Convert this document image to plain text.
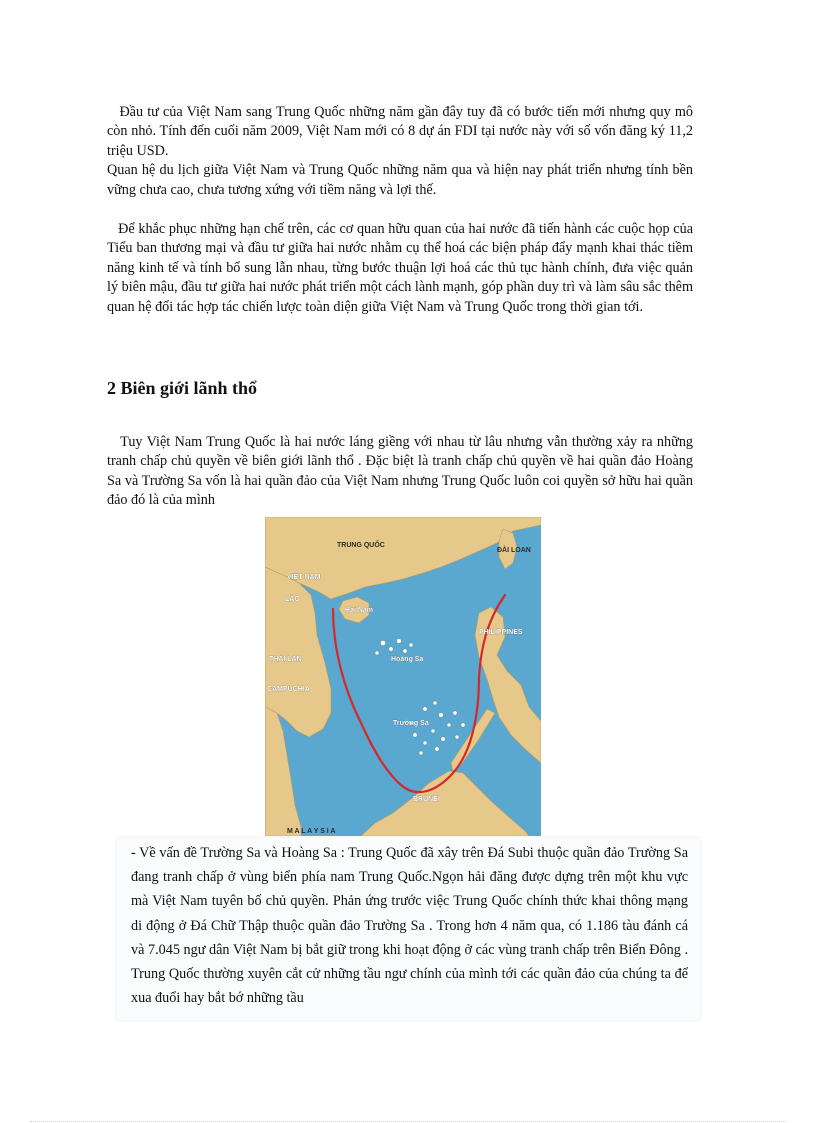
Đầu tư của Việt Nam sang Trung Quốc những năm gần đây tuy đã có bước tiến mới nhưng quy mô còn nhỏ. Tính đến cuối năm 2009, Việt Nam mới có 8 dự án FDI tại nước này với số vốn đăng ký 11,2 triệu USD.

Quan hệ du lịch giữa Việt Nam và Trung Quốc những năm qua và hiện nay phát triển nhưng tính bền vững chưa cao, chưa tương xứng với tiềm năng và lợi thế.

Để khắc phục những hạn chế trên, các cơ quan hữu quan của hai nước đã tiến hành các cuộc họp của Tiểu ban thương mại và đầu tư giữa hai nước nhằm cụ thể hoá các biện pháp đẩy mạnh khai thác tiềm năng kinh tế và tính bổ sung lẫn nhau, từng bước thuận lợi hoá các thủ tục hành chính, đưa việc quản lý biên mậu, đầu tư giữa hai nước phát triển một cách lành mạnh, góp phần duy trì và làm sâu sắc thêm quan hệ đối tác hợp tác chiến lược toàn diện giữa Việt Nam và Trung Quốc trong thời gian tới.

2 Biên giới lãnh thổ

Tuy Việt Nam Trung Quốc là hai nước láng giềng với nhau từ lâu nhưng vẫn thường xảy ra những tranh chấp chủ quyền về biên giới lãnh thổ . Đặc biệt là tranh chấp chủ quyền về hai quần đảo Hoàng Sa và Trường Sa vốn là hai quần đảo của Việt Nam nhưng Trung Quốc luôn coi quyền sở hữu hai quần đảo đó là của mình

TRUNG QUỐC
ĐÀI LOAN
VIỆT NAM
LÀO
Hải Nam
PHILIPPINES
Hoàng Sa
THÁI LAN
CAMPUCHIA
Trường Sa
BRUNEI
M A L A Y S I A

- Về vấn đề Trường Sa và Hoàng Sa : Trung Quốc đã xây trên Đá Subi thuộc quần đảo Trường Sa đang tranh chấp ở vùng biển phía nam Trung Quốc.Ngọn hải đăng được dựng trên một khu vực mà Việt Nam tuyên bố chủ quyền. Phản ứng trước việc Trung Quốc chính thức khai thông mạng di động ở Đá Chữ Thập thuộc quần đảo Trường Sa . Trong hơn 4 năm qua, có 1.186 tàu đánh cá và 7.045 ngư dân Việt Nam bị bắt giữ trong khi hoạt động ở các vùng tranh chấp trên Biển Đông . Trung Quốc thường xuyên cắt cử những tầu ngư chính của mình tới các quần đảo của chúng ta để xua đuổi hay bắt bớ những tầu
